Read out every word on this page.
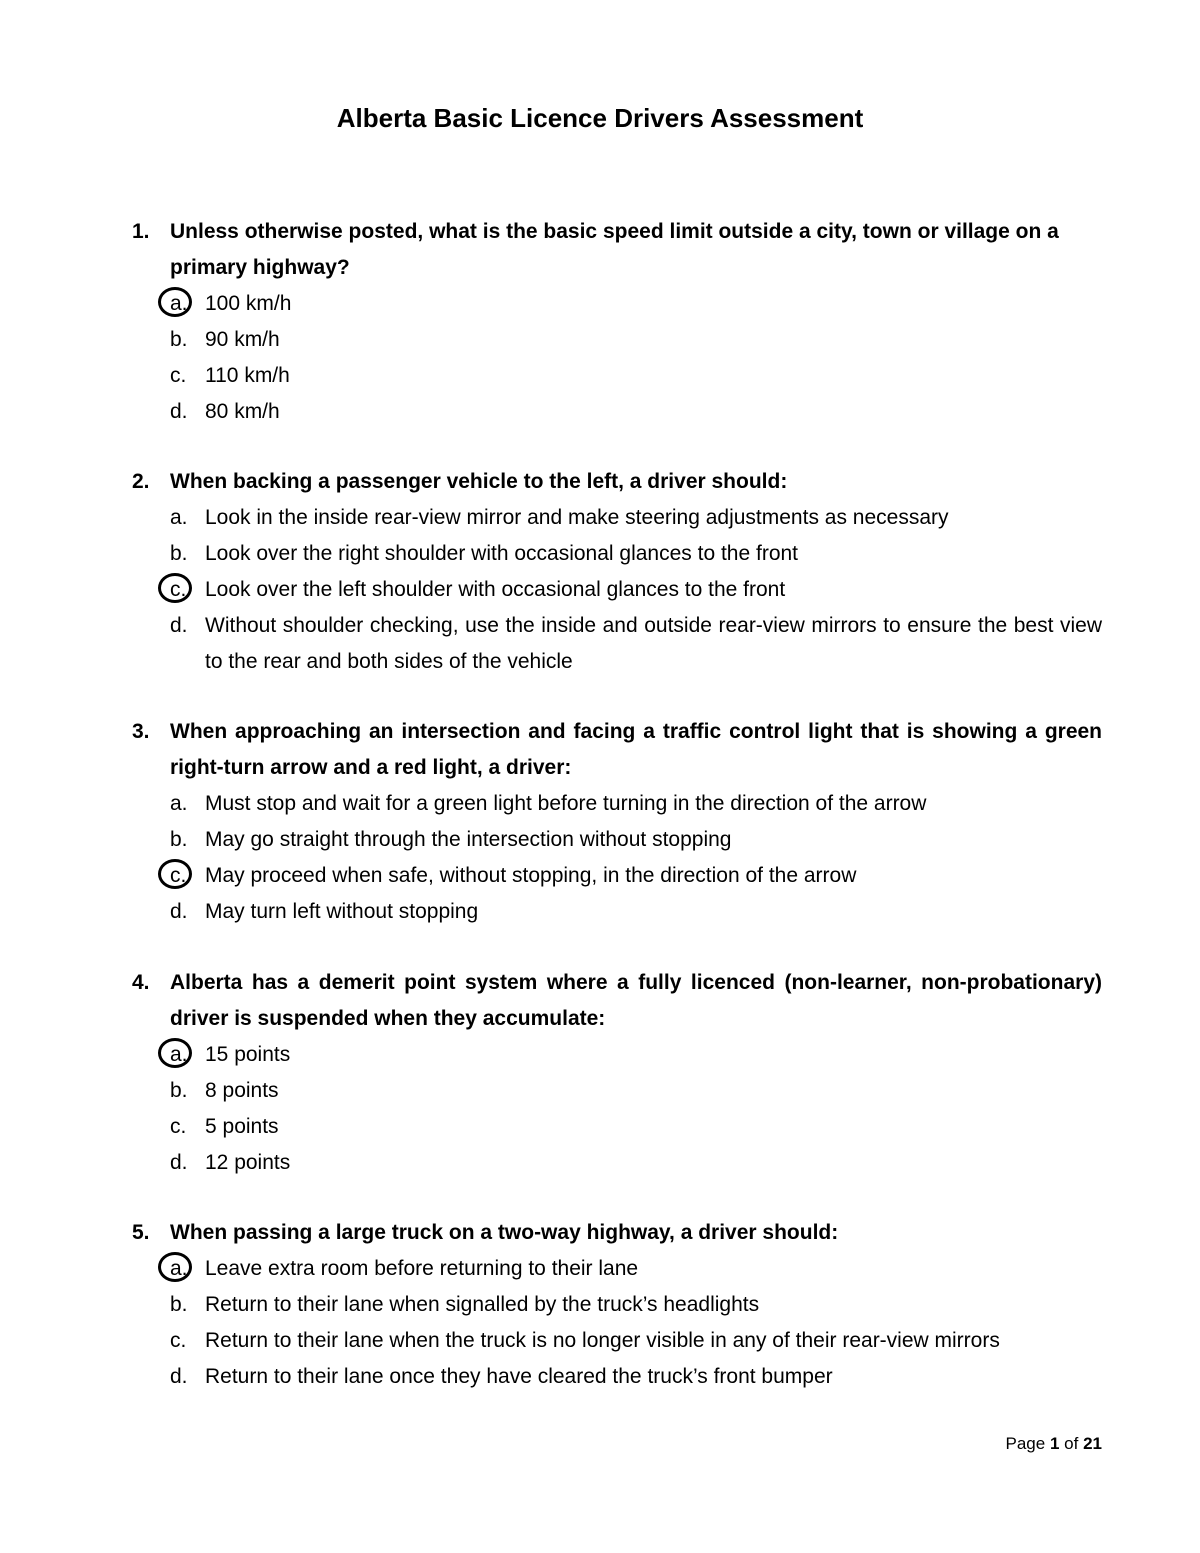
Alberta Basic Licence Drivers Assessment
1. Unless otherwise posted, what is the basic speed limit outside a city, town or village on a primary highway?
a. 100 km/h
b. 90 km/h
c. 110 km/h
d. 80 km/h
2. When backing a passenger vehicle to the left, a driver should:
a. Look in the inside rear-view mirror and make steering adjustments as necessary
b. Look over the right shoulder with occasional glances to the front
c. Look over the left shoulder with occasional glances to the front
d. Without shoulder checking, use the inside and outside rear-view mirrors to ensure the best view to the rear and both sides of the vehicle
3. When approaching an intersection and facing a traffic control light that is showing a green right-turn arrow and a red light, a driver:
a. Must stop and wait for a green light before turning in the direction of the arrow
b. May go straight through the intersection without stopping
c. May proceed when safe, without stopping, in the direction of the arrow
d. May turn left without stopping
4. Alberta has a demerit point system where a fully licenced (non-learner, non-probationary) driver is suspended when they accumulate:
a. 15 points
b. 8 points
c. 5 points
d. 12 points
5. When passing a large truck on a two-way highway, a driver should:
a. Leave extra room before returning to their lane
b. Return to their lane when signalled by the truck’s headlights
c. Return to their lane when the truck is no longer visible in any of their rear-view mirrors
d. Return to their lane once they have cleared the truck’s front bumper
Page 1 of 21
